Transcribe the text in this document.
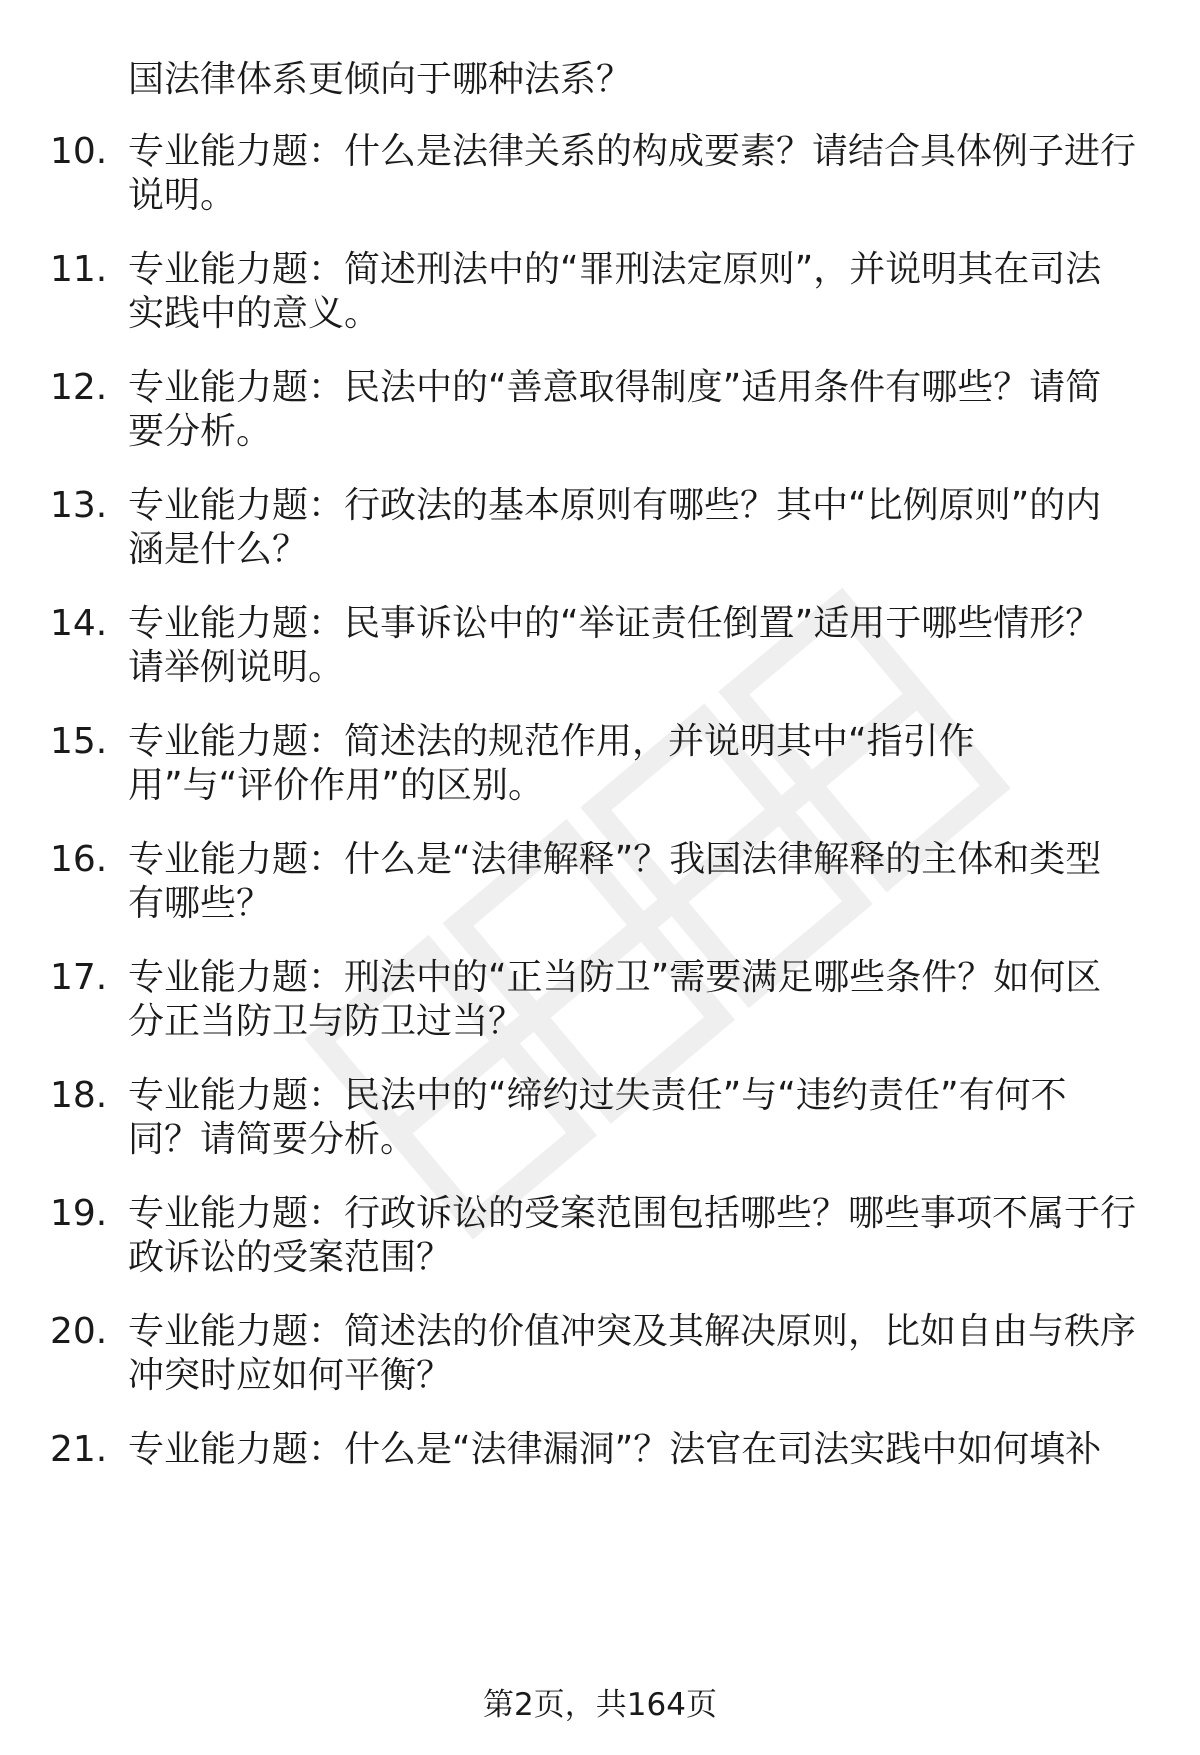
国法律体系更倾向于哪种法系？
10. 专业能力题：什么是法律关系的构成要素？请结合具体例子进行
说明。
11. 专业能力题：简述刑法中的“罪刑法定原则”，并说明其在司法
实践中的意义。
12. 专业能力题：民法中的“善意取得制度”适用条件有哪些？请简
要分析。
13. 专业能力题：行政法的基本原则有哪些？其中“比例原则”的内
涵是什么？
14. 专业能力题：民事诉讼中的“举证责任倒置”适用于哪些情形？
请举例说明。
15. 专业能力题：简述法的规范作用，并说明其中“指引作
用”与“评价作用”的区别。
16. 专业能力题：什么是“法律解释”？我国法律解释的主体和类型
有哪些？
17. 专业能力题：刑法中的“正当防卫”需要满足哪些条件？如何区
分正当防卫与防卫过当？
18. 专业能力题：民法中的“缔约过失责任”与“违约责任”有何不
同？请简要分析。
19. 专业能力题：行政诉讼的受案范围包括哪些？哪些事项不属于行
政诉讼的受案范围？
20. 专业能力题：简述法的价值冲突及其解决原则，比如自由与秩序
冲突时应如何平衡？
21. 专业能力题：什么是“法律漏洞”？法官在司法实践中如何填补
第2页，共164页
